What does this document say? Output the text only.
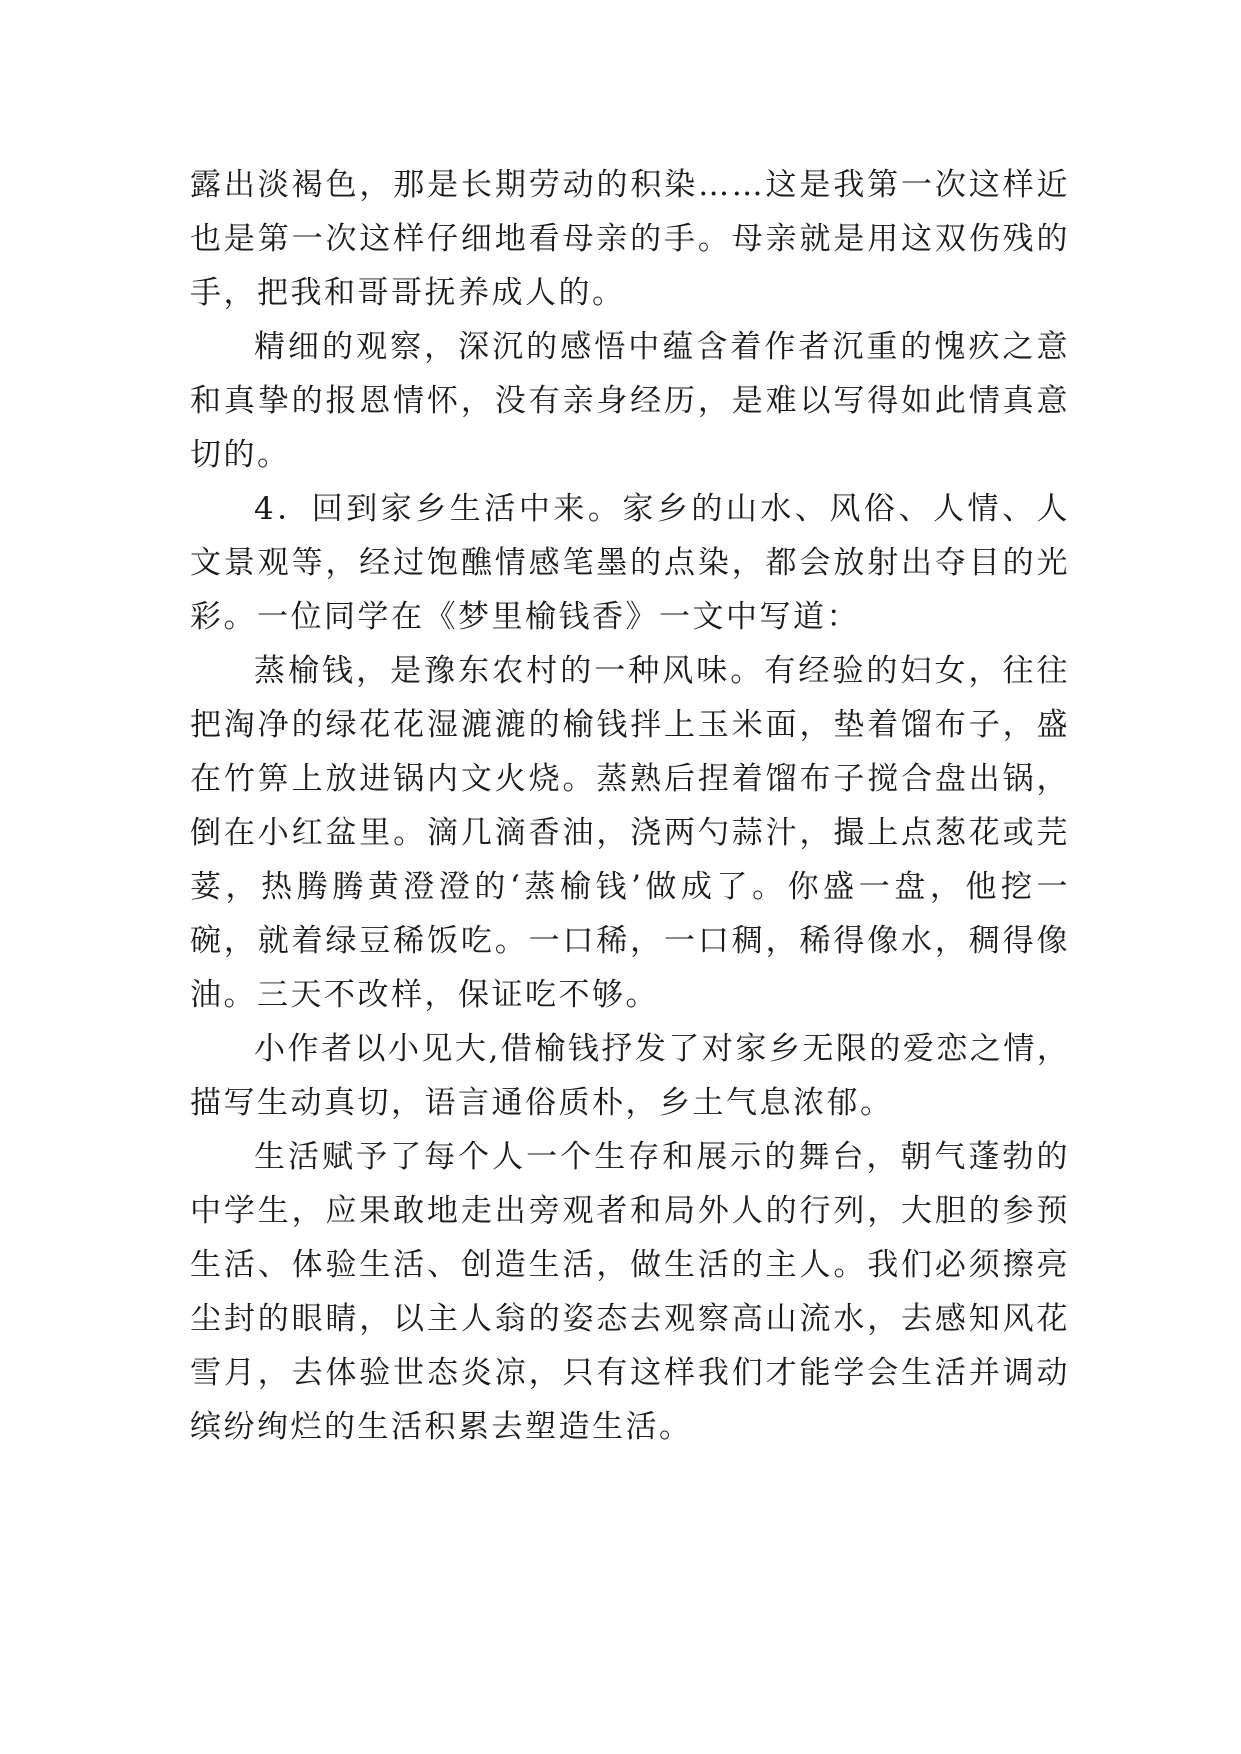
露出淡褐色，那是长期劳动的积染……这是我第一次这样近
也是第一次这样仔细地看母亲的手。母亲就是用这双伤残的
手，把我和哥哥抚养成人的。
精细的观察，深沉的感悟中蕴含着作者沉重的愧疚之意
和真挚的报恩情怀，没有亲身经历，是难以写得如此情真意
切的。
4．回到家乡生活中来。家乡的山水、风俗、人情、人
文景观等，经过饱醮情感笔墨的点染，都会放射出夺目的光
彩。一位同学在《梦里榆钱香》一文中写道：
蒸榆钱，是豫东农村的一种风味。有经验的妇女，往往
把淘净的绿花花湿漉漉的榆钱拌上玉米面，垫着馏布子，盛
在竹箅上放进锅内文火烧。蒸熟后捏着馏布子搅合盘出锅，
倒在小红盆里。滴几滴香油，浇两勺蒜汁，撮上点葱花或芫
荽，热腾腾黄澄澄的‘蒸榆钱’做成了。你盛一盘，他挖一
碗，就着绿豆稀饭吃。一口稀，一口稠，稀得像水，稠得像
油。三天不改样，保证吃不够。
小作者以小见大,借榆钱抒发了对家乡无限的爱恋之情，
描写生动真切，语言通俗质朴，乡土气息浓郁。
生活赋予了每个人一个生存和展示的舞台，朝气蓬勃的
中学生，应果敢地走出旁观者和局外人的行列，大胆的参预
生活、体验生活、创造生活，做生活的主人。我们必须擦亮
尘封的眼睛，以主人翁的姿态去观察高山流水，去感知风花
雪月，去体验世态炎凉，只有这样我们才能学会生活并调动
缤纷绚烂的生活积累去塑造生活。
